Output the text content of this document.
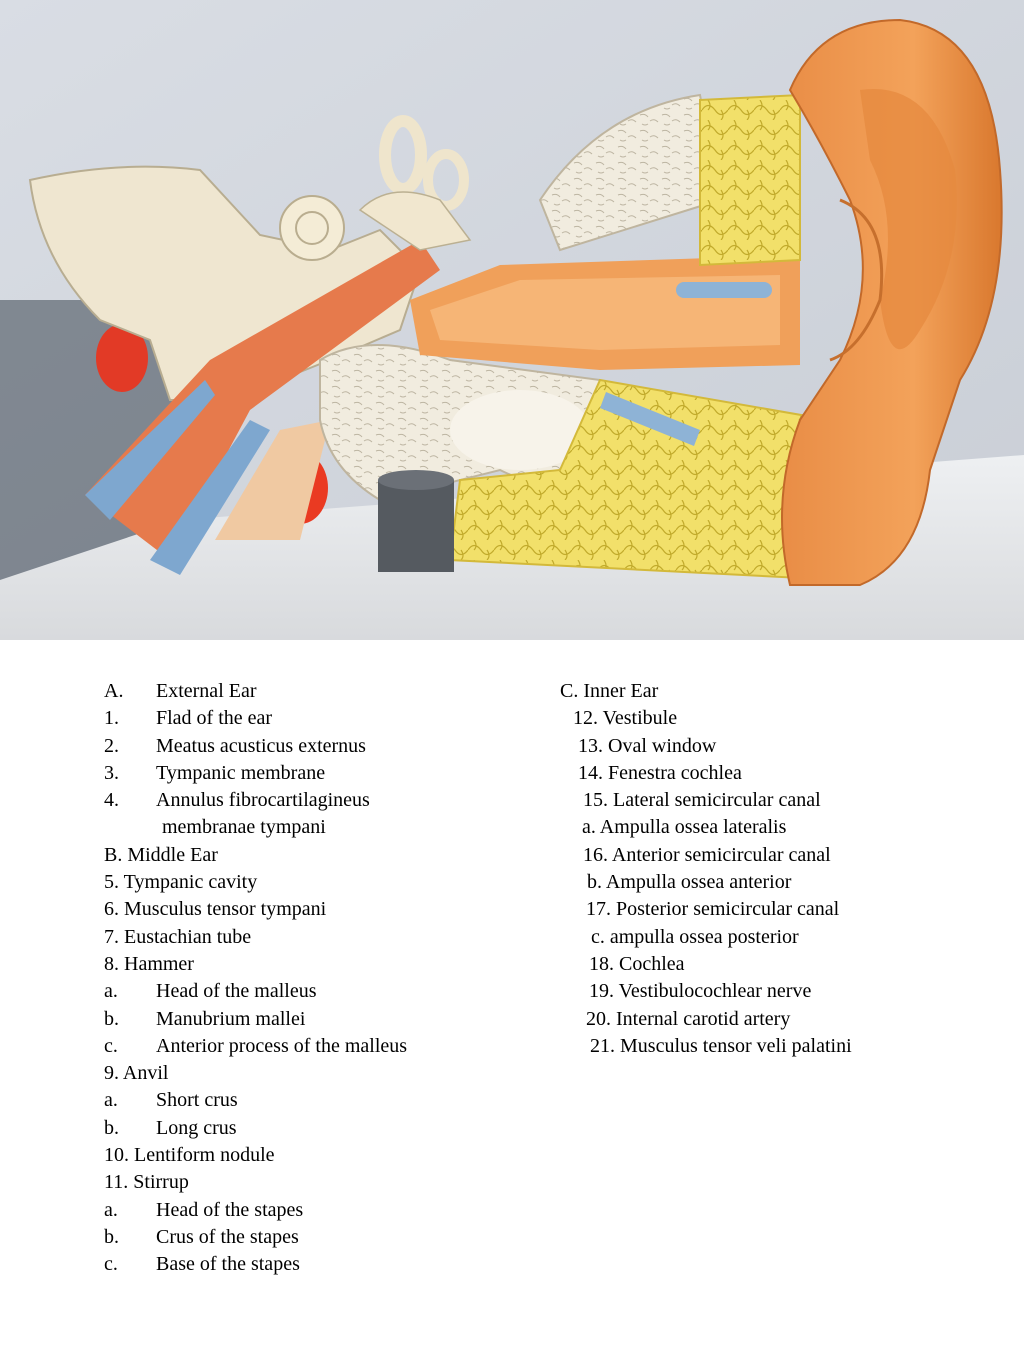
A. External Ear
1. Flad of the ear
2. Meatus acusticus externus
3. Tympanic membrane
4. Annulus fibrocartilagineus
membranae tympani
B. Middle Ear
5. Tympanic cavity
6. Musculus tensor tympani
7. Eustachian tube
8. Hammer
a. Head of the malleus
b. Manubrium mallei
c. Anterior process of the malleus
9. Anvil
a. Short crus
b. Long crus
10. Lentiform nodule
11. Stirrup
a. Head of the stapes
b. Crus of the stapes
c. Base of the stapes
C. Inner Ear
12. Vestibule
13. Oval window
14. Fenestra cochlea
15. Lateral semicircular canal
a. Ampulla ossea lateralis
16. Anterior semicircular canal
b. Ampulla ossea anterior
17. Posterior semicircular canal
c. ampulla ossea posterior
18. Cochlea
19. Vestibulocochlear nerve
20. Internal carotid artery
21. Musculus tensor veli palatini
